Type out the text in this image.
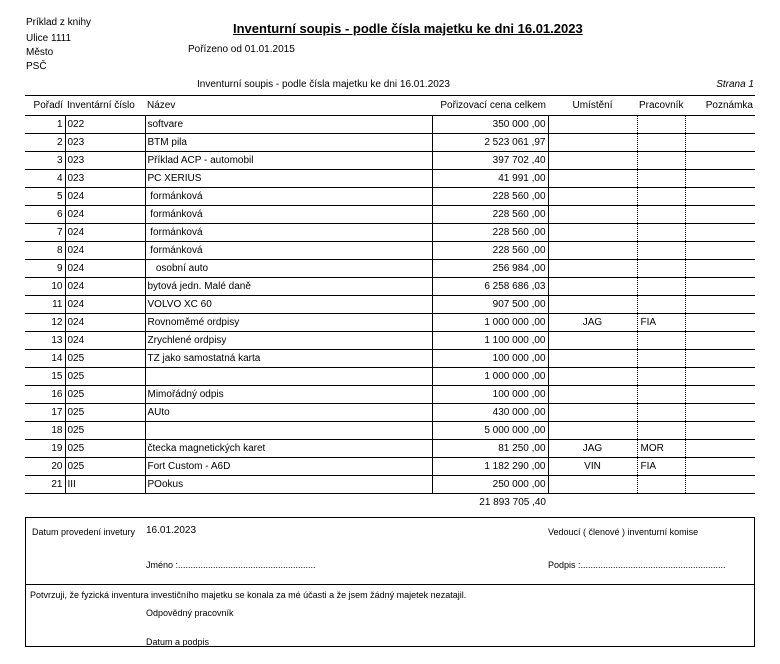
Príklad z knihy
Ulice 1111
Město
PSČ
Inventurní soupis - podle čísla majetku ke dni 16.01.2023
Pořízeno od 01.01.2015
Inventurní soupis - podle čísla majetku ke dni 16.01.2023	Strana 1
Pořadí	Inventární číslo	Název	Pořizovací cena celkem	Umístění	Pracovník	Poznámka
1	022	softvare	350 000 ,00			
2	023	BTM pila	2 523 061 ,97			
3	023	Příklad ACP - automobil	397 702 ,40			
4	023	PC XERIUS	41 991 ,00			
5	024	formánková	228 560 ,00			
6	024	formánková	228 560 ,00			
7	024	formánková	228 560 ,00			
8	024	formánková	228 560 ,00			
9	024	osobní auto	256 984 ,00			
10	024	bytová jedn. Malé daně	6 258 686 ,03			
11	024	VOLVO XC 60	907 500 ,00			
12	024	Rovnoměmé ordpisy	1 000 000 ,00	JAG	FIA	
13	024	Zrychlené ordpisy	1 100 000 ,00			
14	025	TZ jako samostatná karta	100 000 ,00			
15	025		1 000 000 ,00			
16	025	Mimořádný odpis	100 000 ,00			
17	025	AUto	430 000 ,00			
18	025		5 000 000 ,00			
19	025	čtecka magnetických karet	81 250 ,00	JAG	MOR	
20	025	Fort Custom - A6D	1 182 290 ,00	VIN	FIA	
21	III	POokus	250 000 ,00			
			21 893 705 ,40			
Datum provedení invetury 16.01.2023	Vedoucí ( členové ) inventurní komise
Jméno :.......................................................	Podpis :..........................................................
Potvrzuji, že fyzická inventura investičního majetku se konala za mé účasti a že jsem žádný majetek nezatajil.
Odpovědný pracovník
Datum a podpis
